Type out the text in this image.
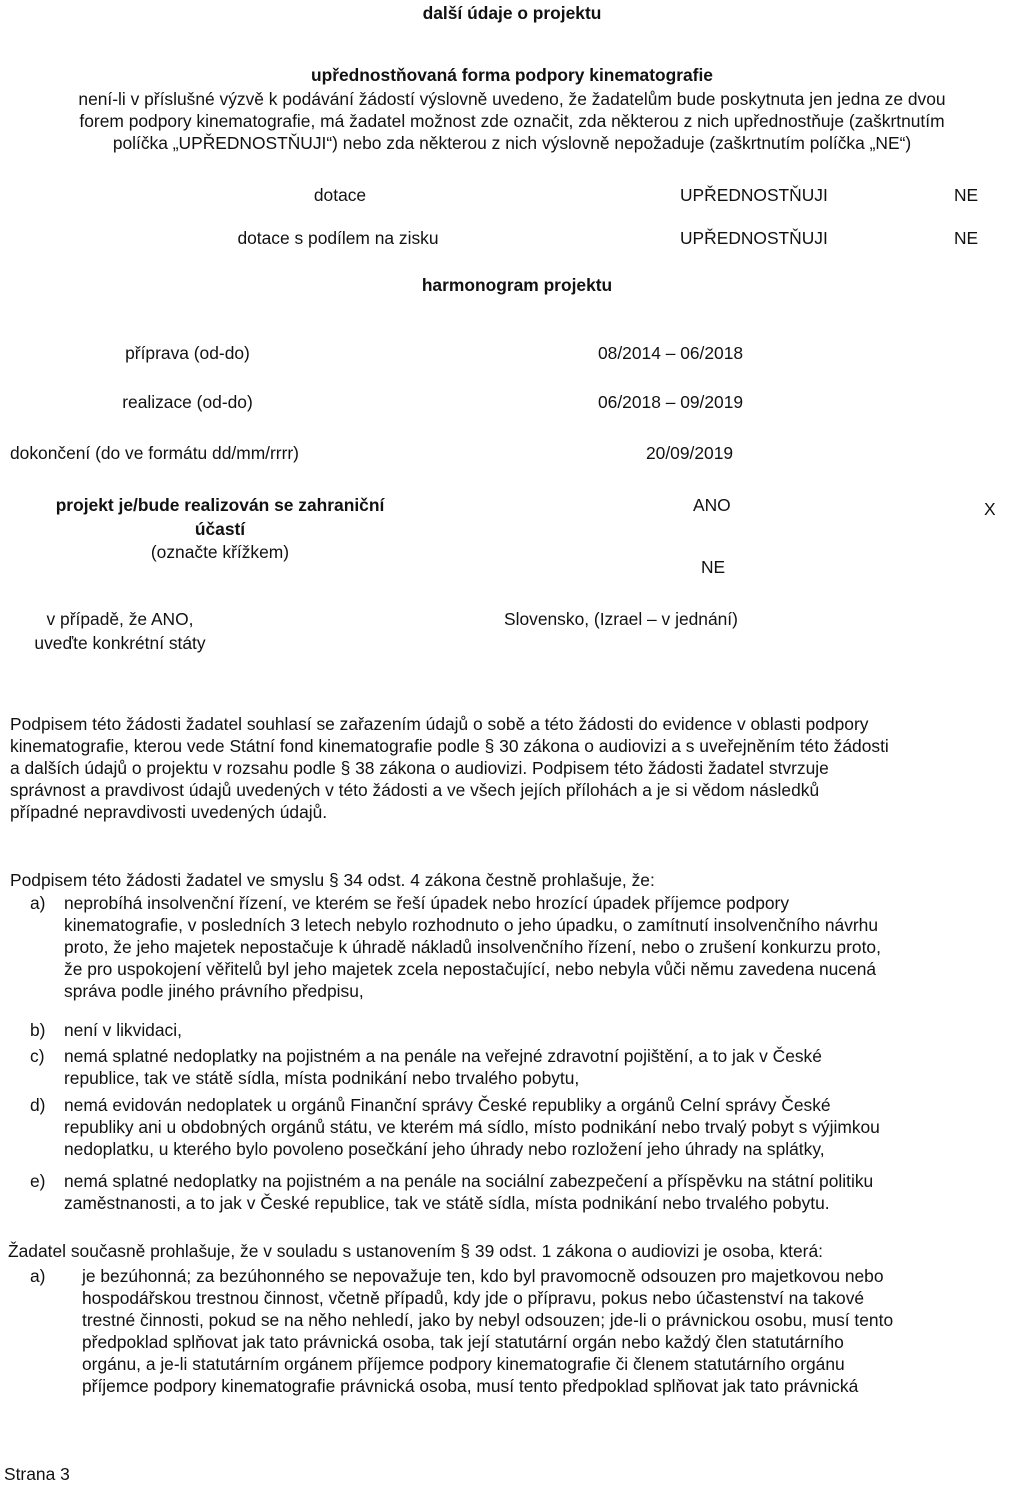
další údaje o projektu
upřednostňovaná forma podpory kinematografie
není-li v příslušné výzvě k podávání žádostí výslovně uvedeno, že žadatelům bude poskytnuta jen jedna ze dvou
forem podpory kinematografie, má žadatel možnost zde označit, zda některou z nich upřednostňuje (zaškrtnutím
políčka „UPŘEDNOSTŇUJI“) nebo zda některou z nich výslovně nepožaduje (zaškrtnutím políčka „NE“)
dotace	UPŘEDNOSTŇUJI	NE
dotace s podílem na zisku	UPŘEDNOSTŇUJI	NE
harmonogram projektu
příprava (od-do)	08/2014 – 06/2018
realizace (od-do)	06/2018 – 09/2019
dokončení (do ve formátu dd/mm/rrrr)	20/09/2019
projekt je/bude realizován se zahraniční
účastí
(označte křížkem)
ANO	X
NE
v případě, že ANO,
uveďte konkrétní státy
Slovensko, (Izrael – v jednání)
Podpisem této žádosti žadatel souhlasí se zařazením údajů o sobě a této žádosti do evidence v oblasti podpory
kinematografie, kterou vede Státní fond kinematografie podle § 30 zákona o audiovizi a s uveřejněním této žádosti
a dalších údajů o projektu v rozsahu podle § 38 zákona o audiovizi. Podpisem této žádosti žadatel stvrzuje
správnost a pravdivost údajů uvedených v této žádosti a ve všech jejích přílohách a je si vědom následků
případné nepravdivosti uvedených údajů.
Podpisem této žádosti žadatel ve smyslu § 34 odst. 4 zákona čestně prohlašuje, že:
a) neprobíhá insolvenční řízení, ve kterém se řeší úpadek nebo hrozící úpadek příjemce podpory
kinematografie, v posledních 3 letech nebylo rozhodnuto o jeho úpadku, o zamítnutí insolvenčního návrhu
proto, že jeho majetek nepostačuje k úhradě nákladů insolvenčního řízení, nebo o zrušení konkurzu proto,
že pro uspokojení věřitelů byl jeho majetek zcela nepostačující, nebo nebyla vůči němu zavedena nucená
správa podle jiného právního předpisu,
b) není v likvidaci,
c) nemá splatné nedoplatky na pojistném a na penále na veřejné zdravotní pojištění, a to jak v České
republice, tak ve státě sídla, místa podnikání nebo trvalého pobytu,
d) nemá evidován nedoplatek u orgánů Finanční správy České republiky a orgánů Celní správy České
republiky ani u obdobných orgánů státu, ve kterém má sídlo, místo podnikání nebo trvalý pobyt s výjimkou
nedoplatku, u kterého bylo povoleno posečkání jeho úhrady nebo rozložení jeho úhrady na splátky,
e) nemá splatné nedoplatky na pojistném a na penále na sociální zabezpečení a příspěvku na státní politiku
zaměstnanosti, a to jak v České republice, tak ve státě sídla, místa podnikání nebo trvalého pobytu.
Žadatel současně prohlašuje, že v souladu s ustanovením § 39 odst. 1 zákona o audiovizi je osoba, která:
a) je bezúhonná; za bezúhonného se nepovažuje ten, kdo byl pravomocně odsouzen pro majetkovou nebo
hospodářskou trestnou činnost, včetně případů, kdy jde o přípravu, pokus nebo účastenství na takové
trestné činnosti, pokud se na něho nehledí, jako by nebyl odsouzen; jde-li o právnickou osobu, musí tento
předpoklad splňovat jak tato právnická osoba, tak její statutární orgán nebo každý člen statutárního
orgánu, a je-li statutárním orgánem příjemce podpory kinematografie či členem statutárního orgánu
příjemce podpory kinematografie právnická osoba, musí tento předpoklad splňovat jak tato právnická
Strana 3
